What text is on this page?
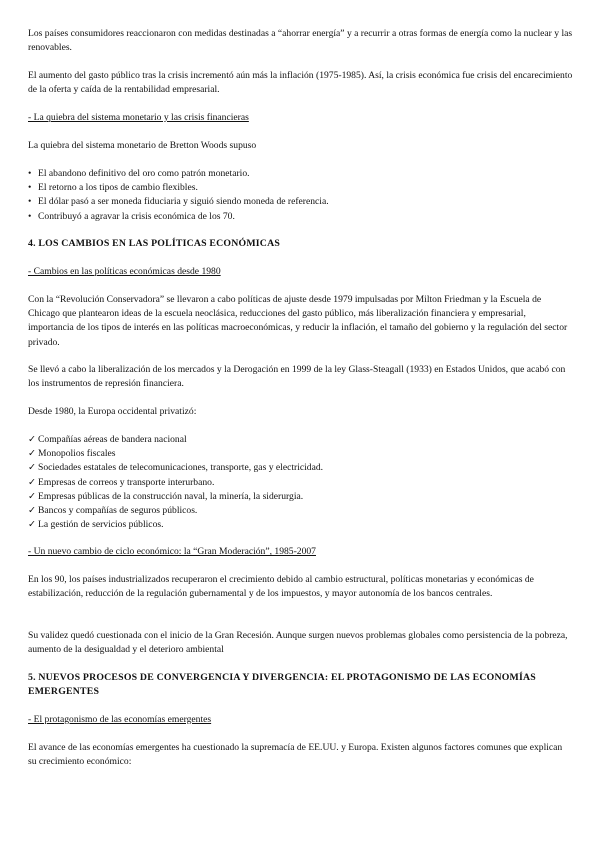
Los países consumidores reaccionaron con medidas destinadas a “ahorrar energía” y a recurrir a otras formas de energía como la nuclear y las renovables.
El aumento del gasto público tras la crisis incrementó aún más la inflación (1975-1985). Así, la crisis económica fue crisis del encarecimiento de la oferta y caída de la rentabilidad empresarial.
- La quiebra del sistema monetario y las crisis financieras
La quiebra del sistema monetario de Bretton Woods supuso
• El abandono definitivo del oro como patrón monetario.
• El retorno a los tipos de cambio flexibles.
• El dólar pasó a ser moneda fiduciaria y siguió siendo moneda de referencia.
• Contribuyó a agravar la crisis económica de los 70.
4. LOS CAMBIOS EN LAS POLÍTICAS ECONÓMICAS
- Cambios en las políticas económicas desde 1980
Con la “Revolución Conservadora” se llevaron a cabo políticas de ajuste desde 1979 impulsadas por Milton Friedman y la Escuela de Chicago que plantearon ideas de la escuela neoclásica, reducciones del gasto público, más liberalización financiera y empresarial, importancia de los tipos de interés en las políticas macroeconómicas, y reducir la inflación, el tamaño del gobierno y la regulación del sector privado.
Se llevó a cabo la liberalización de los mercados y la Derogación en 1999 de la ley Glass-Steagall (1933) en Estados Unidos, que acabó con los instrumentos de represión financiera.
Desde 1980, la Europa occidental privatizó:
✓ Compañías aéreas de bandera nacional
✓ Monopolios fiscales
✓ Sociedades estatales de telecomunicaciones, transporte, gas y electricidad.
✓ Empresas de correos y transporte interurbano.
✓ Empresas públicas de la construcción naval, la minería, la siderurgia.
✓ Bancos y compañías de seguros públicos.
✓ La gestión de servicios públicos.
- Un nuevo cambio de ciclo económico: la “Gran Moderación”, 1985-2007
En los 90, los países industrializados recuperaron el crecimiento debido al cambio estructural, políticas monetarias y económicas de estabilización, reducción de la regulación gubernamental y de los impuestos, y mayor autonomía de los bancos centrales.
Su validez quedó cuestionada con el inicio de la Gran Recesión. Aunque surgen nuevos problemas globales como persistencia de la pobreza, aumento de la desigualdad y el deterioro ambiental
5. NUEVOS PROCESOS DE CONVERGENCIA Y DIVERGENCIA: EL PROTAGONISMO DE LAS ECONOMÍAS EMERGENTES
- El protagonismo de las economías emergentes
El avance de las economías emergentes ha cuestionado la supremacía de EE.UU. y Europa. Existen algunos factores comunes que explican su crecimiento económico:
